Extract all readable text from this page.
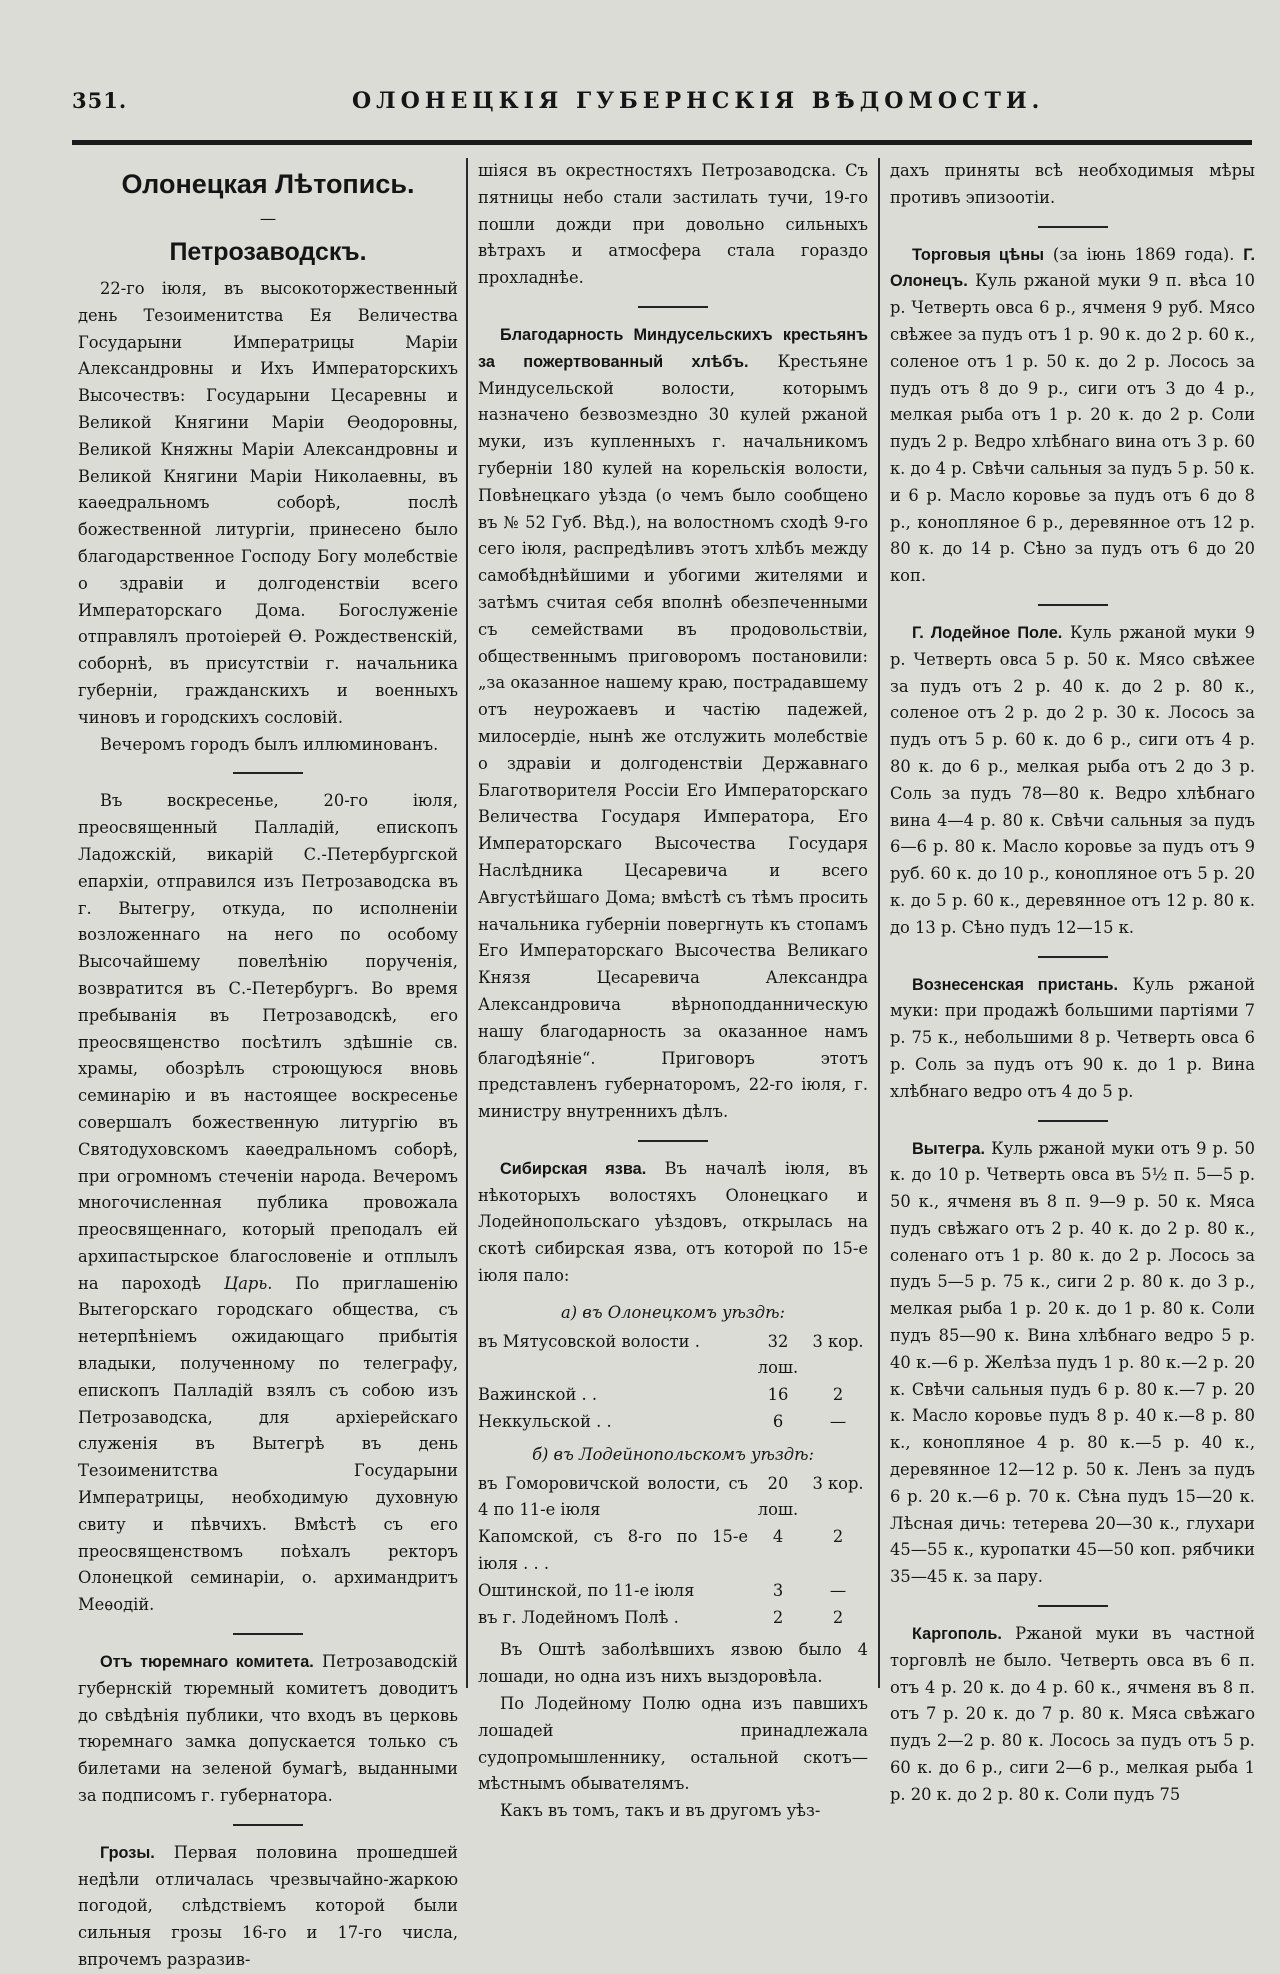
351.	ОЛОНЕЦКІЯ ГУБЕРНСКІЯ ВѢДОМОСТИ.
Олонецкая Лѣтопись.
—
Петрозаводскъ.

22-го іюля, въ высокоторжественный день Тезоименитства Ея Величества Государыни Императрицы Маріи Александровны и Ихъ Императорскихъ Высочествъ: Государыни Цесаревны и Великой Княгини Маріи Ѳеодоровны, Великой Княжны Маріи Александровны и Великой Княгини Маріи Николаевны, въ каѳедральномъ соборѣ, послѣ божественной литургіи, принесено было благодарственное Господу Богу молебствіе о здравіи и долгоденствіи всего Императорскаго Дома. Богослуженіе отправлялъ протоіерей Ѳ. Рождественскій, соборнѣ, въ присутствіи г. начальника губерніи, гражданскихъ и военныхъ чиновъ и городскихъ сословій.

Вечеромъ городъ былъ иллюминованъ.

Въ воскресенье, 20-го іюля, преосвященный Палладій, епископъ Ладожскій, викарій С.-Петербургской епархіи, отправился изъ Петрозаводска въ г. Вытегру, откуда, по исполненіи возложеннаго на него по особому Высочайшему повелѣнію порученія, возвратится въ С.-Петербургъ. Во время пребыванія въ Петрозаводскѣ, его преосвященство посѣтилъ здѣшніе св. храмы, обозрѣлъ строющуюся вновь семинарію и въ настоящее воскресенье совершалъ божественную литургію въ Святодуховскомъ каѳедральномъ соборѣ, при огромномъ стеченіи народа. Вечеромъ многочисленная публика провожала преосвященнаго, который преподалъ ей архипастырское благословеніе и отплылъ на пароходѣ Царь. По приглашенію Вытегорскаго городскаго общества, съ нетерпѣніемъ ожидающаго прибытія владыки, полученному по телеграфу, епископъ Палладій взялъ съ собою изъ Петрозаводска, для архіерейскаго служенія въ Вытегрѣ въ день Тезоименитства Государыни Императрицы, необходимую духовную свиту и пѣвчихъ. Вмѣстѣ съ его преосвященствомъ поѣхалъ ректоръ Олонецкой семинаріи, о. архимандритъ Меѳодій.

Отъ тюремнаго комитета. Петрозаводскій губернскій тюремный комитетъ доводитъ до свѣдѣнія публики, что входъ въ церковь тюремнаго замка допускается только съ билетами на зеленой бумагѣ, выданными за подписомъ г. губернатора.

Грозы. Первая половина прошедшей недѣли отличалась чрезвычайно-жаркою погодой, слѣдствіемъ которой были сильныя грозы 16-го и 17-го числа, впрочемъ разразив-

шіяся въ окрестностяхъ Петрозаводска. Съ пятницы небо стали застилать тучи, 19-го пошли дожди при довольно сильныхъ вѣтрахъ и атмосфера стала гораздо прохладнѣе.

Благодарность Миндусельскихъ крестьянъ за пожертвованный хлѣбъ. Крестьяне Миндусельской волости, которымъ назначено безвозмездно 30 кулей ржаной муки, изъ купленныхъ г. начальникомъ губерніи 180 кулей на корельскія волости, Повѣнецкаго уѣзда (о чемъ было сообщено въ № 52 Губ. Вѣд.), на волостномъ сходѣ 9-го сего іюля, распредѣливъ этотъ хлѣбъ между самобѣднѣйшими и убогими жителями и затѣмъ считая себя вполнѣ обезпеченными съ семействами въ продовольствіи, общественнымъ приговоромъ постановили: „за оказанное нашему краю, пострадавшему отъ неурожаевъ и частію падежей, милосердіе, нынѣ же отслужить молебствіе о здравіи и долгоденствіи Державнаго Благотворителя Россіи Его Императорскаго Величества Государя Императора, Его Императорскаго Высочества Государя Наслѣдника Цесаревича и всего Августѣйшаго Дома; вмѣстѣ съ тѣмъ просить начальника губерніи повергнуть къ стопамъ Его Императорскаго Высочества Великаго Князя Цесаревича Александра Александровича вѣрноподданническую нашу благодарность за оказанное намъ благодѣяніе“. Приговоръ этотъ представленъ губернаторомъ, 22-го іюля, г. министру внутреннихъ дѣлъ.

Сибирская язва. Въ началѣ іюля, въ нѣкоторыхъ волостяхъ Олонецкаго и Лодейнопольскаго уѣздовъ, открылась на скотѣ сибирская язва, отъ которой по 15-е іюля пало:

а) въ Олонецкомъ уѣздѣ:

въ Мятусовской волости .	32 лош.	3 кор.
Важинской . .	16	2
Неккульской . .	6	—

б) въ Лодейнопольскомъ уѣздѣ:

въ Гоморовичской волости, съ 4 по 11-е іюля	20 лош.	3 кор.
Капомской, съ 8-го по 15-е іюля . . .	4	2
Оштинской, по 11-е іюля	3	—
въ г. Лодейномъ Полѣ .	2	2

Въ Оштѣ заболѣвшихъ язвою было 4 лошади, но одна изъ нихъ выздоровѣла.

По Лодейному Полю одна изъ павшихъ лошадей принадлежала судопромышленнику, остальной скотъ—мѣстнымъ обывателямъ.

Какъ въ томъ, такъ и въ другомъ уѣз-

дахъ приняты всѣ необходимыя мѣры противъ эпизоотіи.

Торговыя цѣны (за іюнь 1869 года). Г. Олонецъ. Куль ржаной муки 9 п. вѣса 10 р. Четверть овса 6 р., ячменя 9 руб. Мясо свѣжее за пудъ отъ 1 р. 90 к. до 2 р. 60 к., соленое отъ 1 р. 50 к. до 2 р. Лосось за пудъ отъ 8 до 9 р., сиги отъ 3 до 4 р., мелкая рыба отъ 1 р. 20 к. до 2 р. Соли пудъ 2 р. Ведро хлѣбнаго вина отъ 3 р. 60 к. до 4 р. Свѣчи сальныя за пудъ 5 р. 50 к. и 6 р. Масло коровье за пудъ отъ 6 до 8 р., конопляное 6 р., деревянное отъ 12 р. 80 к. до 14 р. Сѣно за пудъ отъ 6 до 20 коп.

Г. Лодейное Поле. Куль ржаной муки 9 р. Четверть овса 5 р. 50 к. Мясо свѣжее за пудъ отъ 2 р. 40 к. до 2 р. 80 к., соленое отъ 2 р. до 2 р. 30 к. Лосось за пудъ отъ 5 р. 60 к. до 6 р., сиги отъ 4 р. 80 к. до 6 р., мелкая рыба отъ 2 до 3 р. Соль за пудъ 78—80 к. Ведро хлѣбнаго вина 4—4 р. 80 к. Свѣчи сальныя за пудъ 6—6 р. 80 к. Масло коровье за пудъ отъ 9 руб. 60 к. до 10 р., конопляное отъ 5 р. 20 к. до 5 р. 60 к., деревянное отъ 12 р. 80 к. до 13 р. Сѣно пудъ 12—15 к.

Вознесенская пристань. Куль ржаной муки: при продажѣ большими партіями 7 р. 75 к., небольшими 8 р. Четверть овса 6 р. Соль за пудъ отъ 90 к. до 1 р. Вина хлѣбнаго ведро отъ 4 до 5 р.

Вытегра. Куль ржаной муки отъ 9 р. 50 к. до 10 р. Четверть овса въ 5½ п. 5—5 р. 50 к., ячменя въ 8 п. 9—9 р. 50 к. Мяса пудъ свѣжаго отъ 2 р. 40 к. до 2 р. 80 к., соленаго отъ 1 р. 80 к. до 2 р. Лосось за пудъ 5—5 р. 75 к., сиги 2 р. 80 к. до 3 р., мелкая рыба 1 р. 20 к. до 1 р. 80 к. Соли пудъ 85—90 к. Вина хлѣбнаго ведро 5 р. 40 к.—6 р. Желѣза пудъ 1 р. 80 к.—2 р. 20 к. Свѣчи сальныя пудъ 6 р. 80 к.—7 р. 20 к. Масло коровье пудъ 8 р. 40 к.—8 р. 80 к., конопляное 4 р. 80 к.—5 р. 40 к., деревянное 12—12 р. 50 к. Ленъ за пудъ 6 р. 20 к.—6 р. 70 к. Сѣна пудъ 15—20 к. Лѣсная дичь: тетерева 20—30 к., глухари 45—55 к., куропатки 45—50 коп. рябчики 35—45 к. за пару.

Каргополь. Ржаной муки въ частной торговлѣ не было. Четверть овса въ 6 п. отъ 4 р. 20 к. до 4 р. 60 к., ячменя въ 8 п. отъ 7 р. 20 к. до 7 р. 80 к. Мяса свѣжаго пудъ 2—2 р. 80 к. Лосось за пудъ отъ 5 р. 60 к. до 6 р., сиги 2—6 р., мелкая рыба 1 р. 20 к. до 2 р. 80 к. Соли пудъ 75
